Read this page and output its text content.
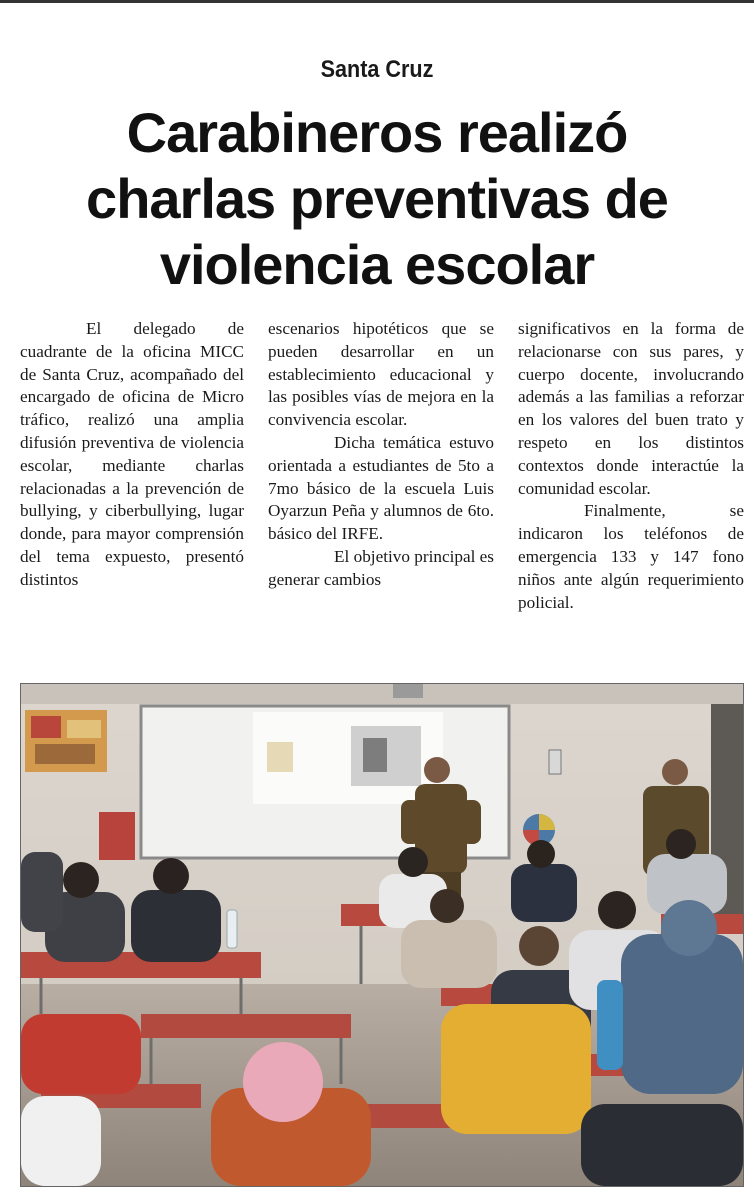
Santa Cruz
Carabineros realizó
charlas preventivas de
violencia escolar

El delegado de cuadrante de la oficina MICC de Santa Cruz, acompañado del encargado de oficina de Micro tráfico, realizó una amplia difusión preventiva de violencia escolar, mediante charlas relacionadas a la prevención de bullying, y ciberbullying, lugar donde, para mayor comprensión del tema expuesto, presentó distintos

escenarios hipotéticos que se pueden desarrollar en un establecimiento educacional y las posibles vías de mejora en la convivencia escolar.

Dicha temática estuvo orientada a estudiantes de 5to a 7mo básico de la escuela Luis Oyarzun Peña y alumnos de 6to. básico del IRFE.

El objetivo principal es generar cambios

significativos en la forma de relacionarse con sus pares, y cuerpo docente, involucrando además a las familias a reforzar en los valores del buen trato y respeto en los distintos contextos donde interactúe la comunidad escolar.

Finalmente, se indicaron los teléfonos de emergencia 133 y 147 fono niños ante algún requerimiento policial.
